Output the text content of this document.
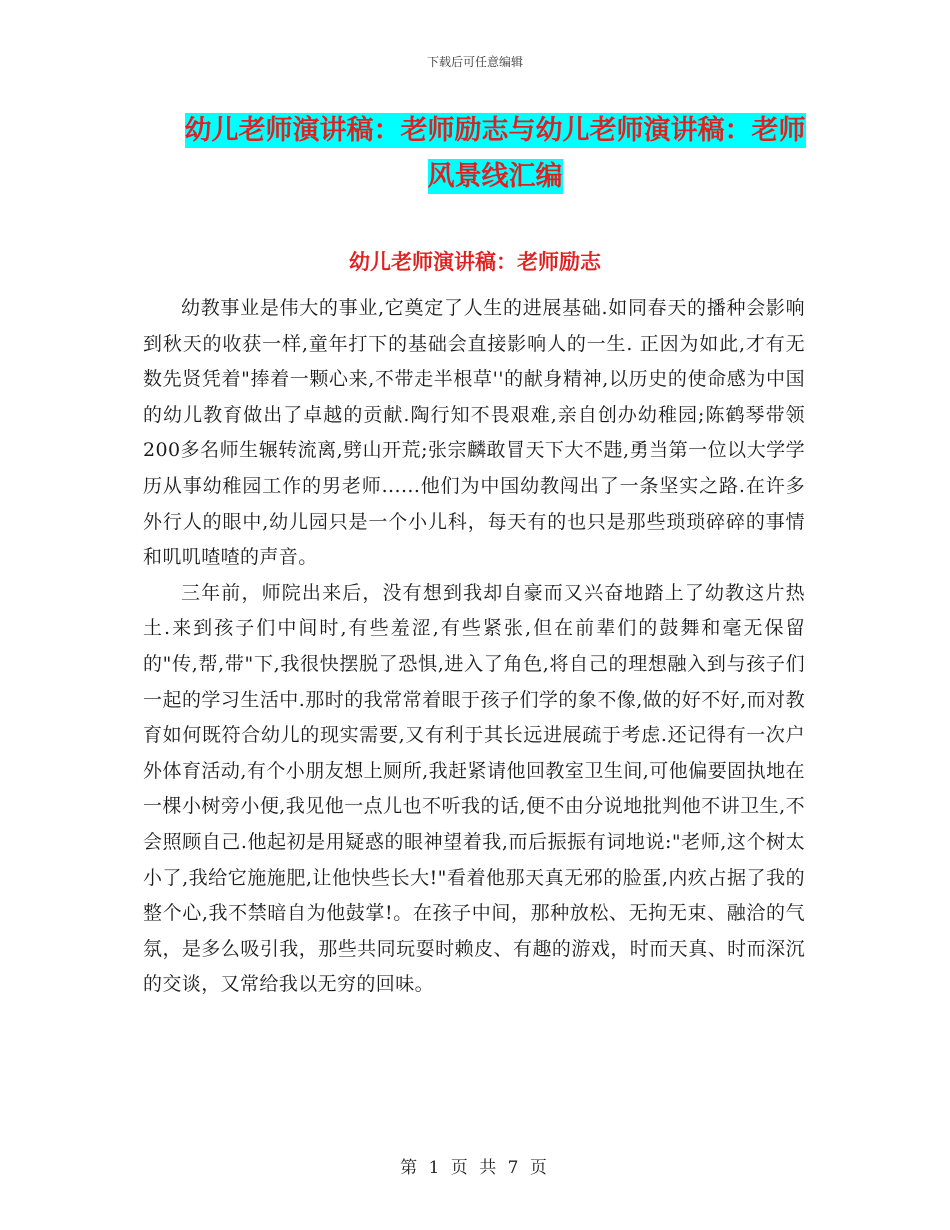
下载后可任意编辑
幼儿老师演讲稿：老师励志与幼儿老师演讲稿：老师
风景线汇编
幼儿老师演讲稿：老师励志

幼教事业是伟大的事业,它奠定了人生的进展基础.如同春天的播种会影响到秋天的收获一样,童年打下的基础会直接影响人的一生. 正因为如此,才有无数先贤凭着"捧着一颗心来,不带走半根草''的献身精神,以历史的使命感为中国的幼儿教育做出了卓越的贡献.陶行知不畏艰难,亲自创办幼稚园;陈鹤琴带领200多名师生辗转流离,劈山开荒;张宗麟敢冒天下大不韪,勇当第一位以大学学历从事幼稚园工作的男老师......他们为中国幼教闯出了一条坚实之路.在许多外行人的眼中,幼儿园只是一个小儿科，每天有的也只是那些琐琐碎碎的事情和叽叽喳喳的声音。

三年前，师院出来后，没有想到我却自豪而又兴奋地踏上了幼教这片热土.来到孩子们中间时,有些羞涩,有些紧张,但在前辈们的鼓舞和毫无保留的"传,帮,带"下,我很快摆脱了恐惧,进入了角色,将自己的理想融入到与孩子们一起的学习生活中.那时的我常常着眼于孩子们学的象不像,做的好不好,而对教育如何既符合幼儿的现实需要,又有利于其长远进展疏于考虑.还记得有一次户外体育活动,有个小朋友想上厕所,我赶紧请他回教室卫生间,可他偏要固执地在一棵小树旁小便,我见他一点儿也不听我的话,便不由分说地批判他不讲卫生,不会照顾自己.他起初是用疑惑的眼神望着我,而后振振有词地说:"老师,这个树太小了,我给它施施肥,让他快些长大!"看着他那天真无邪的脸蛋,内疚占据了我的整个心,我不禁暗自为他鼓掌!。在孩子中间，那种放松、无拘无束、融洽的气氛，是多么吸引我，那些共同玩耍时赖皮、有趣的游戏，时而天真、时而深沉的交谈，又常给我以无穷的回味。

第 1 页 共 7 页
